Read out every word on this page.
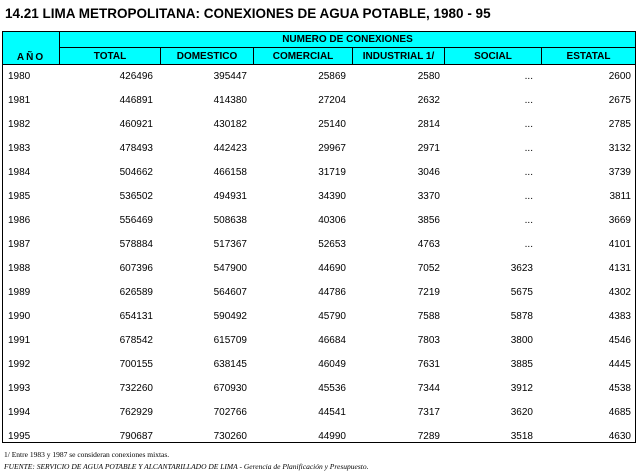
14.21 LIMA METROPOLITANA: CONEXIONES DE AGUA POTABLE, 1980 - 95
AÑO
NUMERO DE CONEXIONES
TOTAL	DOMESTICO	COMERCIAL	INDUSTRIAL 1/	SOCIAL	ESTATAL
1980	426496	395447	25869	2580	...	2600
1981	446891	414380	27204	2632	...	2675
1982	460921	430182	25140	2814	...	2785
1983	478493	442423	29967	2971	...	3132
1984	504662	466158	31719	3046	...	3739
1985	536502	494931	34390	3370	...	3811
1986	556469	508638	40306	3856	...	3669
1987	578884	517367	52653	4763	...	4101
1988	607396	547900	44690	7052	3623	4131
1989	626589	564607	44786	7219	5675	4302
1990	654131	590492	45790	7588	5878	4383
1991	678542	615709	46684	7803	3800	4546
1992	700155	638145	46049	7631	3885	4445
1993	732260	670930	45536	7344	3912	4538
1994	762929	702766	44541	7317	3620	4685
1995	790687	730260	44990	7289	3518	4630
1/ Entre 1983 y 1987 se consideran conexiones mixtas.
FUENTE: SERVICIO DE AGUA POTABLE Y ALCANTARILLADO DE LIMA - Gerencia de Planificación y Presupuesto.
